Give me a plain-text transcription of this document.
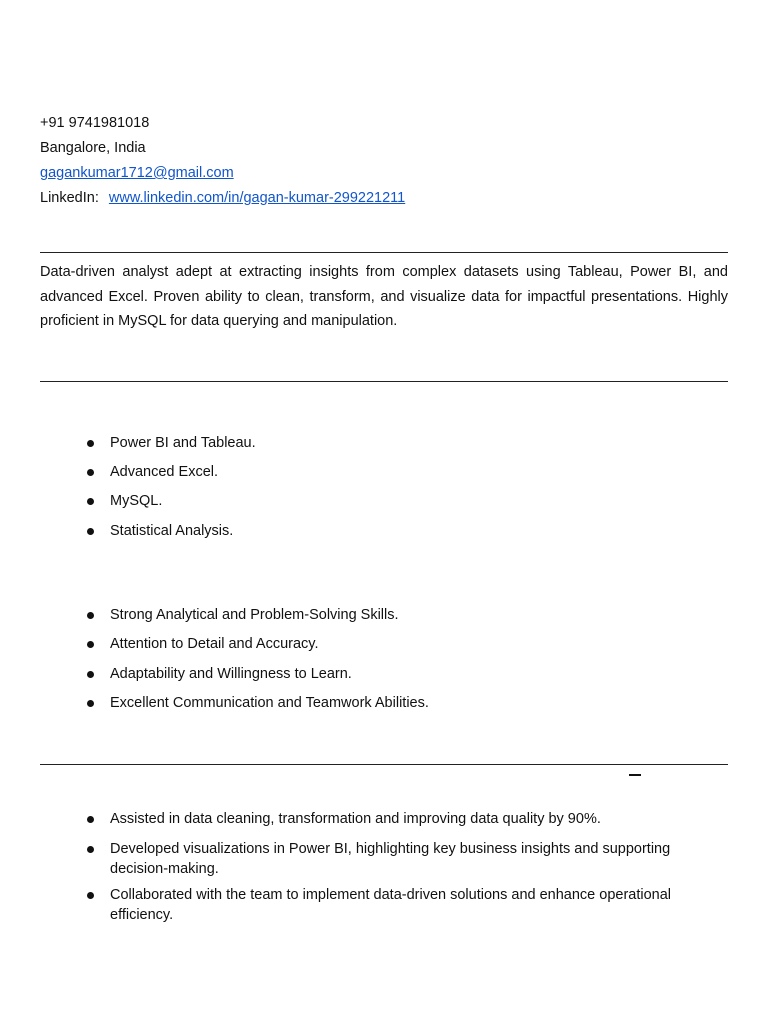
+91 9741981018
Bangalore, India
gagankumar1712@gmail.com
LinkedIn: www.linkedin.com/in/gagan-kumar-299221211
Data-driven analyst adept at extracting insights from complex datasets using Tableau, Power BI, and advanced Excel. Proven ability to clean, transform, and visualize data for impactful presentations. Highly proficient in MySQL for data querying and manipulation.
Power BI and Tableau.
Advanced Excel.
MySQL.
Statistical Analysis.
Strong Analytical and Problem-Solving Skills.
Attention to Detail and Accuracy.
Adaptability and Willingness to Learn.
Excellent Communication and Teamwork Abilities.
Assisted in data cleaning, transformation and improving data quality by 90%.
Developed visualizations in Power BI, highlighting key business insights and supporting decision-making.
Collaborated with the team to implement data-driven solutions and enhance operational efficiency.
